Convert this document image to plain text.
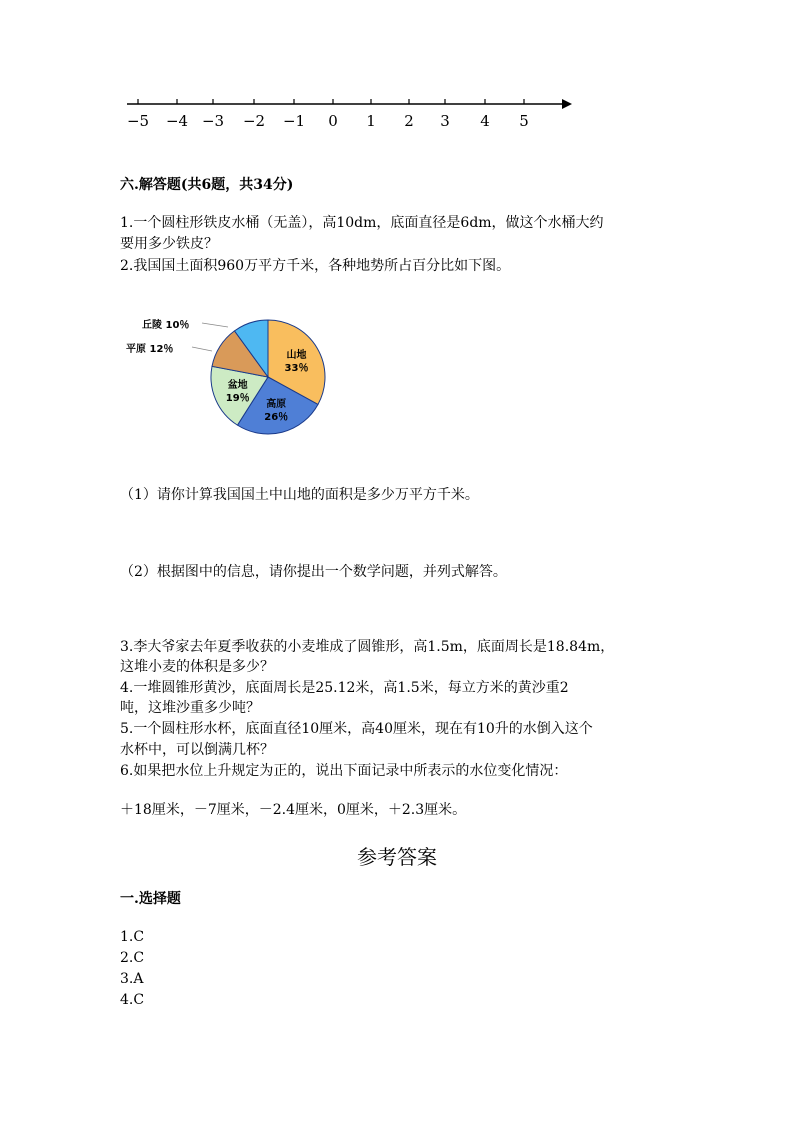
−5	−4 −3	−2	−1	0	1	2	3	4	5
六.解答题(共6题，共34分)
1.一个圆柱形铁皮水桶（无盖），高10dm，底面直径是6dm，做这个水桶大约
要用多少铁皮？
2.我国国土面积960万平方千米，各种地势所占百分比如下图。
山地
33％
高原
26％
盆地
19％
丘陵 10％
平原 12％
（1）请你计算我国国土中山地的面积是多少万平方千米。
（2）根据图中的信息，请你提出一个数学问题，并列式解答。
3.李大爷家去年夏季收获的小麦堆成了圆锥形，高1.5m，底面周长是18.84m，
这堆小麦的体积是多少？
4.一堆圆锥形黄沙，底面周长是25.12米，高1.5米，每立方米的黄沙重2
吨，这堆沙重多少吨？
5.一个圆柱形水杯，底面直径10厘米，高40厘米，现在有10升的水倒入这个
水杯中，可以倒满几杯？
6.如果把水位上升规定为正的，说出下面记录中所表示的水位变化情况：
＋18厘米，－7厘米，－2.4厘米，0厘米，＋2.3厘米。
参考答案
一.选择题
1.C
2.C
3.A
4.C
